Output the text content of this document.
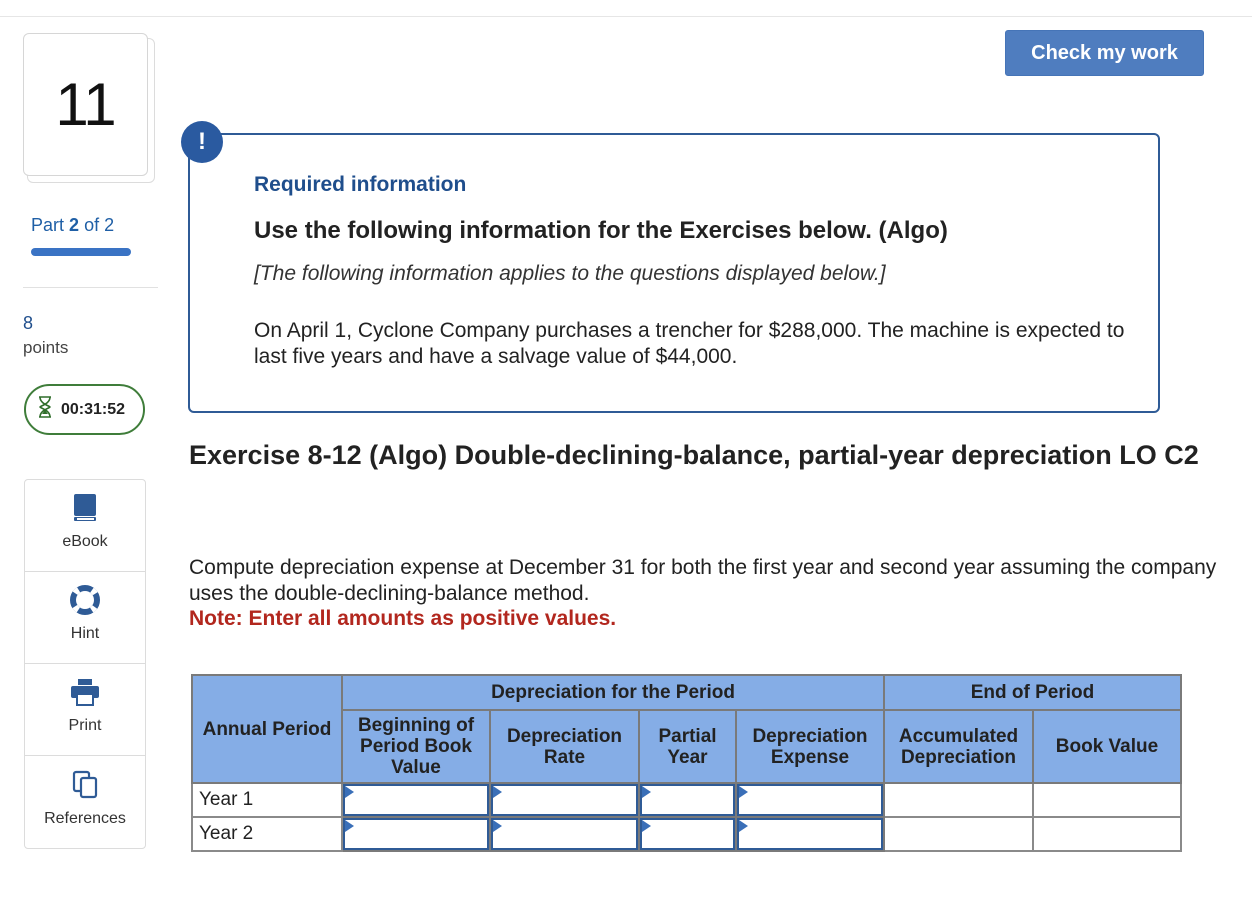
11
Part 2 of 2
8
points
00:31:52
eBook
Hint
Print
References
Check my work
!
Required information
Use the following information for the Exercises below. (Algo)
[The following information applies to the questions displayed below.]
On April 1, Cyclone Company purchases a trencher for $288,000. The machine is expected to last five years and have a salvage value of $44,000.
Exercise 8-12 (Algo) Double-declining-balance, partial-year depreciation LO C2
Compute depreciation expense at December 31 for both the first year and second year assuming the company uses the double-declining-balance method.
Note: Enter all amounts as positive values.
Annual Period	Depreciation for the Period				End of Period	
	Beginning of Period Book Value	Depreciation Rate	Partial Year	Depreciation Expense	Accumulated Depreciation	Book Value
Year 1	

Year 2	
